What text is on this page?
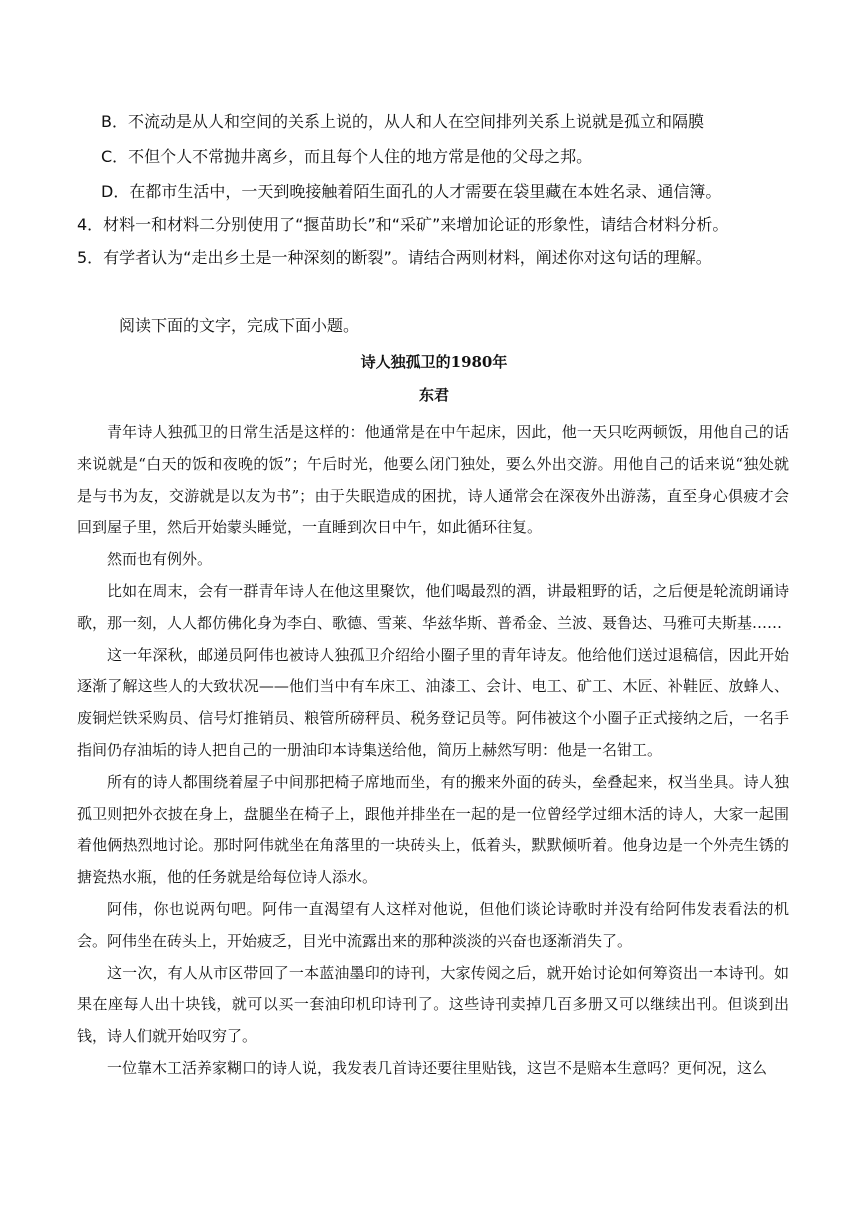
B．不流动是从人和空间的关系上说的，从人和人在空间排列关系上说就是孤立和隔膜
C．不但个人不常抛井离乡，而且每个人住的地方常是他的父母之邦。
D．在都市生活中，一天到晚接触着陌生面孔的人才需要在袋里藏在本姓名录、通信簿。
4．材料一和材料二分别使用了“揠苗助长”和“采矿”来增加论证的形象性，请结合材料分析。
5．有学者认为“走出乡土是一种深刻的断裂”。请结合两则材料，阐述你对这句话的理解。
阅读下面的文字，完成下面小题。
诗人独孤卫的1980年
东君

青年诗人独孤卫的日常生活是这样的：他通常是在中午起床，因此，他一天只吃两顿饭，用他自己的话来说就是“白天的饭和夜晚的饭”；午后时光，他要么闭门独处，要么外出交游。用他自己的话来说“独处就是与书为友，交游就是以友为书”；由于失眠造成的困扰，诗人通常会在深夜外出游荡，直至身心俱疲才会回到屋子里，然后开始蒙头睡觉，一直睡到次日中午，如此循环往复。

然而也有例外。

比如在周末，会有一群青年诗人在他这里聚饮，他们喝最烈的酒，讲最粗野的话，之后便是轮流朗诵诗歌，那一刻，人人都仿佛化身为李白、歌德、雪莱、华兹华斯、普希金、兰波、聂鲁达、马雅可夫斯基……

这一年深秋，邮递员阿伟也被诗人独孤卫介绍给小圈子里的青年诗友。他给他们送过退稿信，因此开始逐渐了解这些人的大致状况——他们当中有车床工、油漆工、会计、电工、矿工、木匠、补鞋匠、放蜂人、废铜烂铁采购员、信号灯推销员、粮管所磅秤员、税务登记员等。阿伟被这个小圈子正式接纳之后，一名手指间仍存油垢的诗人把自己的一册油印本诗集送给他，简历上赫然写明：他是一名钳工。

所有的诗人都围绕着屋子中间那把椅子席地而坐，有的搬来外面的砖头，垒叠起来，权当坐具。诗人独孤卫则把外衣披在身上，盘腿坐在椅子上，跟他并排坐在一起的是一位曾经学过细木活的诗人，大家一起围着他俩热烈地讨论。那时阿伟就坐在角落里的一块砖头上，低着头，默默倾听着。他身边是一个外壳生锈的搪瓷热水瓶，他的任务就是给每位诗人添水。

阿伟，你也说两句吧。阿伟一直渴望有人这样对他说，但他们谈论诗歌时并没有给阿伟发表看法的机会。阿伟坐在砖头上，开始疲乏，目光中流露出来的那种淡淡的兴奋也逐渐消失了。

这一次，有人从市区带回了一本蓝油墨印的诗刊，大家传阅之后，就开始讨论如何筹资出一本诗刊。如果在座每人出十块钱，就可以买一套油印机印诗刊了。这些诗刊卖掉几百多册又可以继续出刊。但谈到出钱，诗人们就开始叹穷了。

一位靠木工活养家糊口的诗人说，我发表几首诗还要往里贴钱，这岂不是赔本生意吗？更何况，这么
